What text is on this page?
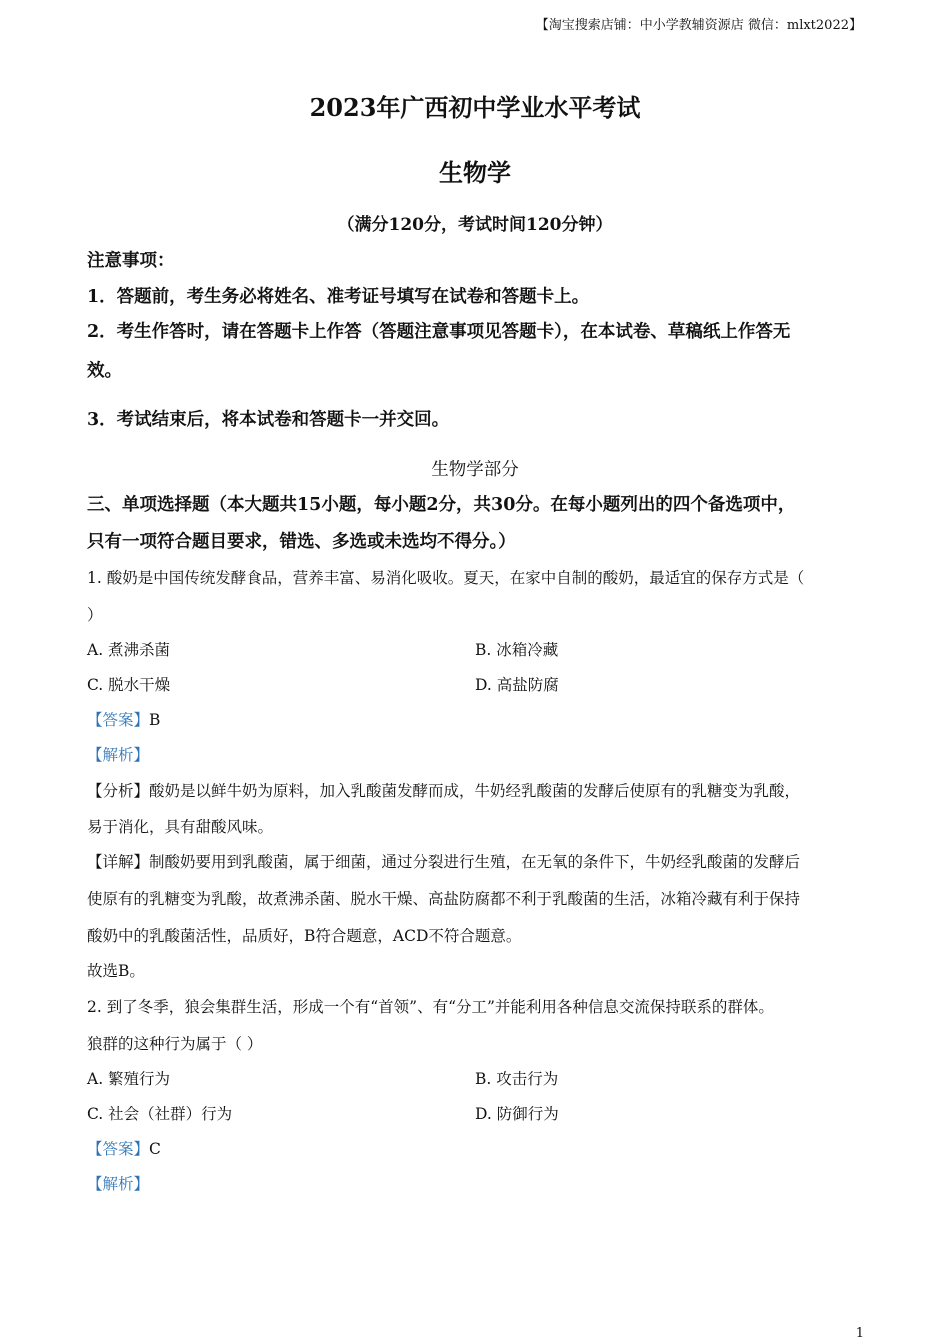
【淘宝搜索店铺：中小学教辅资源店 微信：mlxt2022】
2023年广西初中学业水平考试
生物学
（满分120分，考试时间120分钟）
注意事项：
1．答题前，考生务必将姓名、准考证号填写在试卷和答题卡上。
2．考生作答时，请在答题卡上作答（答题注意事项见答题卡），在本试卷、草稿纸上作答无
效。
3．考试结束后，将本试卷和答题卡一并交回。
生物学部分
三、单项选择题（本大题共15小题，每小题2分，共30分。在每小题列出的四个备选项中，
只有一项符合题目要求，错选、多选或未选均不得分。）
1. 酸奶是中国传统发酵食品，营养丰富、易消化吸收。夏天，在家中自制的酸奶，最适宜的保存方式是（
）
A. 煮沸杀菌	B. 冰箱冷藏
C. 脱水干燥	D. 高盐防腐
【答案】B
【解析】
【分析】酸奶是以鲜牛奶为原料，加入乳酸菌发酵而成，牛奶经乳酸菌的发酵后使原有的乳糖变为乳酸，
易于消化，具有甜酸风味。
【详解】制酸奶要用到乳酸菌，属于细菌，通过分裂进行生殖，在无氧的条件下，牛奶经乳酸菌的发酵后
使原有的乳糖变为乳酸，故煮沸杀菌、脱水干燥、高盐防腐都不利于乳酸菌的生活，冰箱冷藏有利于保持
酸奶中的乳酸菌活性，品质好，B符合题意，ACD不符合题意。
故选B。
2. 到了冬季，狼会集群生活，形成一个有“首领”、有“分工”并能利用各种信息交流保持联系的群体。
狼群的这种行为属于（ ）
A. 繁殖行为	B. 攻击行为
C. 社会（社群）行为	D. 防御行为
【答案】C
【解析】
1
